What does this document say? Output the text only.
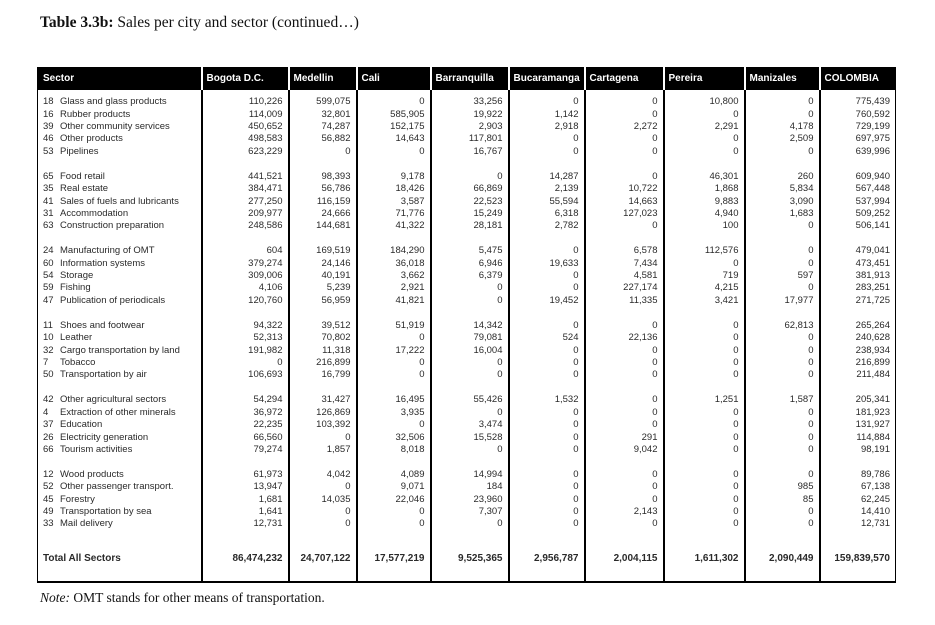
Table 3.3b: Sales per city and sector (continued…)
Sector	Bogota D.C.	Medellin	Cali	Barranquilla	Bucaramanga	Cartagena	Pereira	Manizales	COLOMBIA

18 Glass and glass products	110,226	599,075	0	33,256	0	0	10,800	0	775,439
16 Rubber products	114,009	32,801	585,905	19,922	1,142	0	0	0	760,592
39 Other community services	450,652	74,287	152,175	2,903	2,918	2,272	2,291	4,178	729,199
46 Other products	498,583	56,882	14,643	117,801	0	0	0	2,509	697,975
53 Pipelines	623,229	0	0	16,767	0	0	0	0	639,996

65 Food retail	441,521	98,393	9,178	0	14,287	0	46,301	260	609,940
35 Real estate	384,471	56,786	18,426	66,869	2,139	10,722	1,868	5,834	567,448
41 Sales of fuels and lubricants	277,250	116,159	3,587	22,523	55,594	14,663	9,883	3,090	537,994
31 Accommodation	209,977	24,666	71,776	15,249	6,318	127,023	4,940	1,683	509,252
63 Construction preparation	248,586	144,681	41,322	28,181	2,782	0	100	0	506,141

24 Manufacturing of OMT	604	169,519	184,290	5,475	0	6,578	112,576	0	479,041
60 Information systems	379,274	24,146	36,018	6,946	19,633	7,434	0	0	473,451
54 Storage	309,006	40,191	3,662	6,379	0	4,581	719	597	381,913
59 Fishing	4,106	5,239	2,921	0	0	227,174	4,215	0	283,251
47 Publication of periodicals	120,760	56,959	41,821	0	19,452	11,335	3,421	17,977	271,725

11 Shoes and footwear	94,322	39,512	51,919	14,342	0	0	0	62,813	265,264
10 Leather	52,313	70,802	0	79,081	524	22,136	0	0	240,628
32 Cargo transportation by land	191,982	11,318	17,222	16,004	0	0	0	0	238,934
7 Tobacco	0	216,899	0	0	0	0	0	0	216,899
50 Transportation by air	106,693	16,799	0	0	0	0	0	0	211,484

42 Other agricultural sectors	54,294	31,427	16,495	55,426	1,532	0	1,251	1,587	205,341
4 Extraction of other minerals	36,972	126,869	3,935	0	0	0	0	0	181,923
37 Education	22,235	103,392	0	3,474	0	0	0	0	131,927
26 Electricity generation	66,560	0	32,506	15,528	0	291	0	0	114,884
66 Tourism activities	79,274	1,857	8,018	0	0	9,042	0	0	98,191

12 Wood products	61,973	4,042	4,089	14,994	0	0	0	0	89,786
52 Other passenger transport.	13,947	0	9,071	184	0	0	0	985	67,138
45 Forestry	1,681	14,035	22,046	23,960	0	0	0	85	62,245
49 Transportation by sea	1,641	0	0	7,307	0	2,143	0	0	14,410
33 Mail delivery	12,731	0	0	0	0	0	0	0	12,731

Total All Sectors	86,474,232	24,707,122	17,577,219	9,525,365	2,956,787	2,004,115	1,611,302	2,090,449	159,839,570
Note: OMT stands for other means of transportation.
